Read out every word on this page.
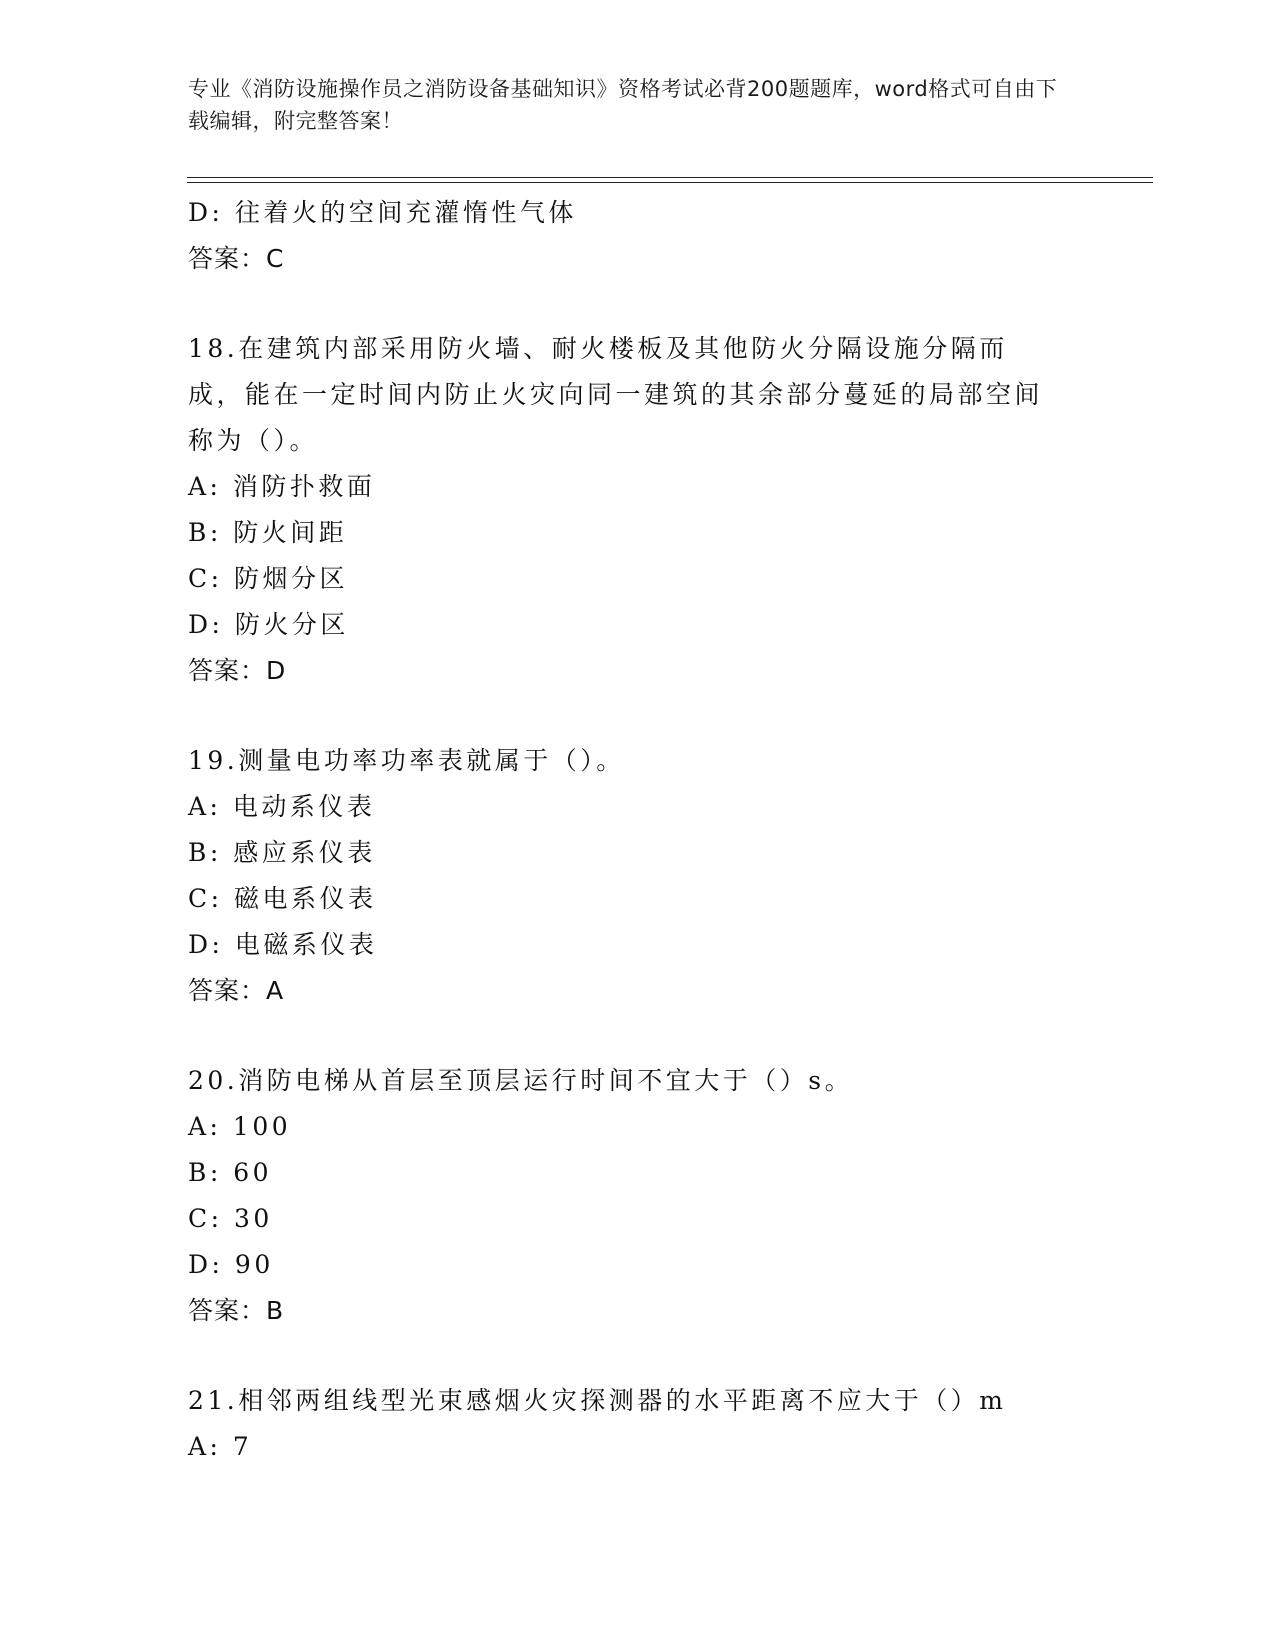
专业《消防设施操作员之消防设备基础知识》资格考试必背200题题库，word格式可自由下载编辑，附完整答案！
D: 往着火的空间充灌惰性气体
答案：C
18.在建筑内部采用防火墙、耐火楼板及其他防火分隔设施分隔而成，能在一定时间内防止火灾向同一建筑的其余部分蔓延的局部空间称为（）。
A: 消防扑救面
B: 防火间距
C: 防烟分区
D: 防火分区
答案：D
19.测量电功率功率表就属于（）。
A: 电动系仪表
B: 感应系仪表
C: 磁电系仪表
D: 电磁系仪表
答案：A
20.消防电梯从首层至顶层运行时间不宜大于（）s。
A: 100
B: 60
C: 30
D: 90
答案：B
21.相邻两组线型光束感烟火灾探测器的水平距离不应大于（）m
A: 7
